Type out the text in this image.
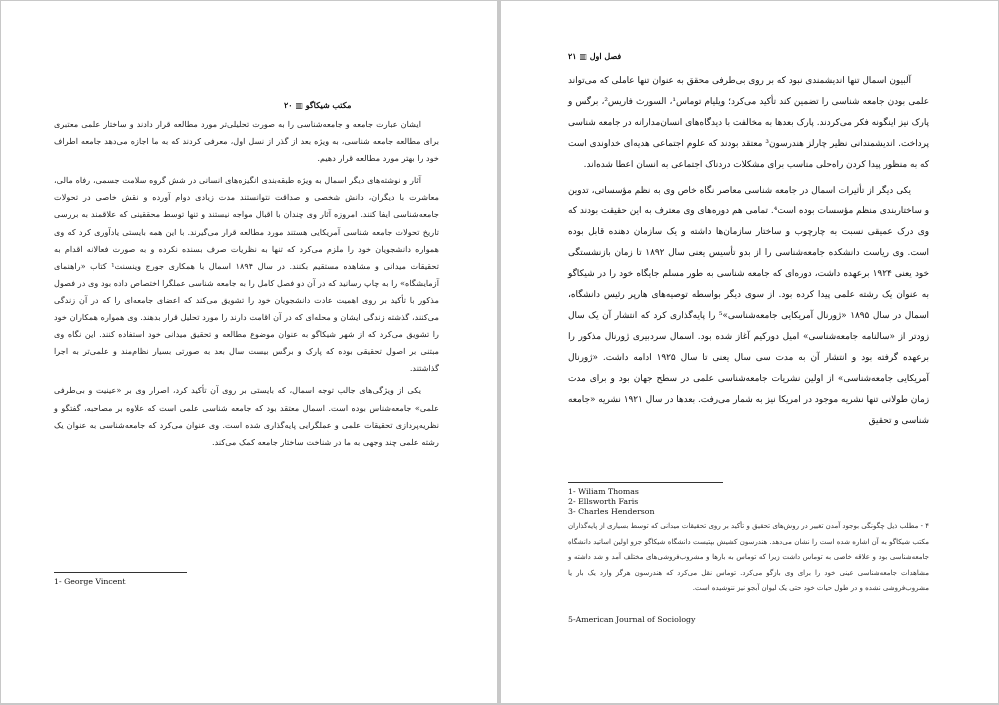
۲۰ ▥ مکتب شیکاگو

ایشان عبارت جامعه و جامعه‌شناسی را به صورت تحلیلی‌تر مورد مطالعه قرار دادند و ساختار علمی معتبری برای مطالعه جامعه شناسی، به ویژه بعد از گذر از نسل اول، معرفی کردند که به ما اجازه می‌دهد جامعه اطراف خود را بهتر مورد مطالعه قرار دهیم.

آثار و نوشته‌های دیگر اسمال به ویژه طبقه‌بندی انگیزه‌های انسانی در شش گروه سلامت جسمی، رفاه مالی، معاشرت با دیگران، دانش شخصی و صداقت نتوانستند مدت زیادی دوام آورده و نقش خاصی در تحولات جامعه‌شناسی ایفا کنند. امروزه آثار وی چندان با اقبال مواجه نیستند و تنها توسط محققینی که علاقمند به بررسی تاریخ تحولات جامعه شناسی آمریکایی هستند مورد مطالعه قرار می‌گیرند. با این همه بایستی یادآوری کرد که وی همواره دانشجویان خود را ملزم می‌کرد که تنها به نظریات صرف بسنده نکرده و به صورت فعالانه اقدام به تحقیقات میدانی و مشاهده مستقیم بکنند. در سال ۱۸۹۴ اسمال با همکاری جورج وینسنت¹ کتاب «راهنمای آزمایشگاه» را به چاپ رسانید که در آن دو فصل کامل را به جامعه شناسی عملگرا اختصاص داده بود وی در فصول مذکور با تأکید بر روی اهمیت عادت دانشجویان خود را تشویق می‌کند که اعضای جامعه‌ای را که در آن زندگی می‌کنند، گذشته زندگی ایشان و محله‌ای که در آن اقامت دارند را مورد تحلیل قرار بدهند. وی همواره همکاران خود را تشویق می‌کرد که از شهر شیکاگو به عنوان موضوع مطالعه و تحقیق میدانی خود استفاده کنند. این نگاه وی مبتنی بر اصول تحقیقی بوده که پارک و برگس بیست سال بعد به صورتی بسیار نظام‌مند و علمی‌تر به اجرا گذاشتند.

یکی از ویژگی‌های جالب توجه اسمال، که بایستی بر روی آن تأکید کرد، اصرار وی بر «عینیت و بی‌طرفی علمی» جامعه‌شناس بوده است. اسمال معتقد بود که جامعه شناسی علمی است که علاوه بر مصاحبه، گفتگو و نظریه‌پردازی تحقیقات علمی و عملگرایی پایه‌گذاری شده است. وی عنوان می‌کرد که جامعه‌شناسی به عنوان یک رشته علمی چند وجهی به ما در شناخت ساختار جامعه کمک می‌کند.

1- George Vincent
فصل اول ▥ ۲۱

آلبیون اسمال تنها اندیشمندی نبود که بر روی بی‌طرفی محقق به عنوان تنها عاملی که می‌تواند علمی بودن جامعه شناسی را تضمین کند تأکید می‌کرد؛ ویلیام توماس¹، السورث فاریس²، برگس و پارک نیز اینگونه فکر می‌کردند. پارک بعدها به مخالفت با دیدگاه‌های انسان‌مدارانه در جامعه شناسی پرداخت. اندیشمندانی نظیر چارلز هندرسون³ معتقد بودند که علوم اجتماعی هدیه‌ای خداوندی است که به منظور پیدا کردن راه‌حلی مناسب برای مشکلات دردناک اجتماعی به انسان اعطا شده‌اند.

یکی دیگر از تأثیرات اسمال در جامعه شناسی معاصر نگاه خاص وی به نظم مؤسساتی، تدوین و ساختاربندی منظم مؤسسات بوده است⁴. تمامی هم دوره‌های وی معترف به این حقیقت بودند که وی درک عمیقی نسبت به چارچوب و ساختار سازمان‌ها داشته و یک سازمان دهنده قابل بوده است. وی ریاست دانشکده جامعه‌شناسی را از بدو تأسیس یعنی سال ۱۸۹۲ تا زمان بازنشستگی خود یعنی ۱۹۲۴ برعهده داشت، دوره‌ای که جامعه شناسی به طور مسلم جایگاه خود را در شیکاگو به عنوان یک رشته علمی پیدا کرده بود. از سوی دیگر بواسطه توصیه‌های هارپر رئیس دانشگاه، اسمال در سال ۱۸۹۵ «ژورنال آمریکایی جامعه‌شناسی»⁵ را پایه‌گذاری کرد که انتشار آن یک سال زودتر از «سالنامه جامعه‌شناسی» امیل دورکیم آغاز شده بود. اسمال سردبیری ژورنال مذکور را برعهده گرفته بود و انتشار آن به مدت سی سال یعنی تا سال ۱۹۲۵ ادامه داشت. «ژورنال آمریکایی جامعه‌شناسی» از اولین نشریات جامعه‌شناسی علمی در سطح جهان بود و برای مدت زمان طولانی تنها نشریه موجود در امریکا نیز به شمار می‌رفت. بعدها در سال ۱۹۲۱ نشریه «جامعه شناسی و تحقیق

1- Wiliam Thomas
2- Ellsworth Faris
3- Charles Henderson

۴ - مطلب ذیل چگونگی بوجود آمدن تغییر در روش‌های تحقیق و تأکید بر روی تحقیقات میدانی که توسط بسیاری از پایه‌گذاران مکتب شیکاگو به آن اشاره شده است را نشان می‌دهد. هندرسون کشیش بپتیست دانشگاه شیکاگو جزو اولین اساتید دانشگاه جامعه‌شناسی بود و علاقه خاصی به توماس داشت زیرا که توماس به بارها و مشروب‌فروشی‌های مختلف آمد و شد داشته و مشاهدات جامعه‌شناسی عینی خود را برای وی بازگو می‌کرد. توماس نقل می‌کرد که هندرسون هرگز وارد یک بار یا مشروب‌فروشی نشده و در طول حیات خود حتی یک لیوان آبجو نیز ننوشیده است.

5-American Journal of Sociology
